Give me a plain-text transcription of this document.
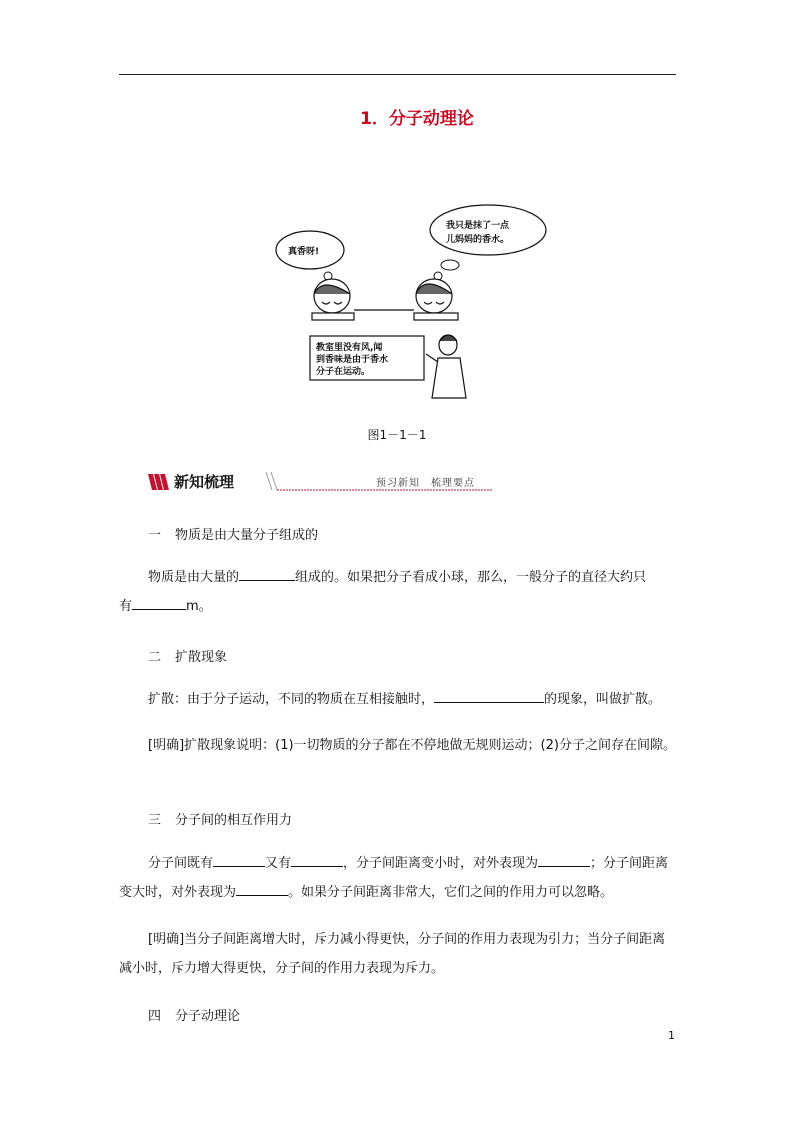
1．分子动理论
真香呀!
我只是抹了一点
儿妈妈的香水。
教室里没有风,闻
到香味是由于香水
分子在运动。
图1－1－1
新知梳理	预习新知　梳理要点
一 物质是由大量分子组成的

物质是由大量的	组成的。如果把分子看成小球，那么，一般分子的直径大约只

有	m。

二 扩散现象

扩散：由于分子运动，不同的物质在互相接触时，	的现象，叫做扩散。

[明确]扩散现象说明：(1)一切物质的分子都在不停地做无规则运动；(2)分子之间存在间隙。

三 分子间的相互作用力

分子间既有	又有	，分子间距离变小时，对外表现为	；分子间距离变大时，对外表现为	。如果分子间距离非常大，它们之间的作用力可以忽略。

[明确]当分子间距离增大时，斥力减小得更快，分子间的作用力表现为引力；当分子间距离减小时，斥力增大得更快，分子间的作用力表现为斥力。

四 分子动理论
1
